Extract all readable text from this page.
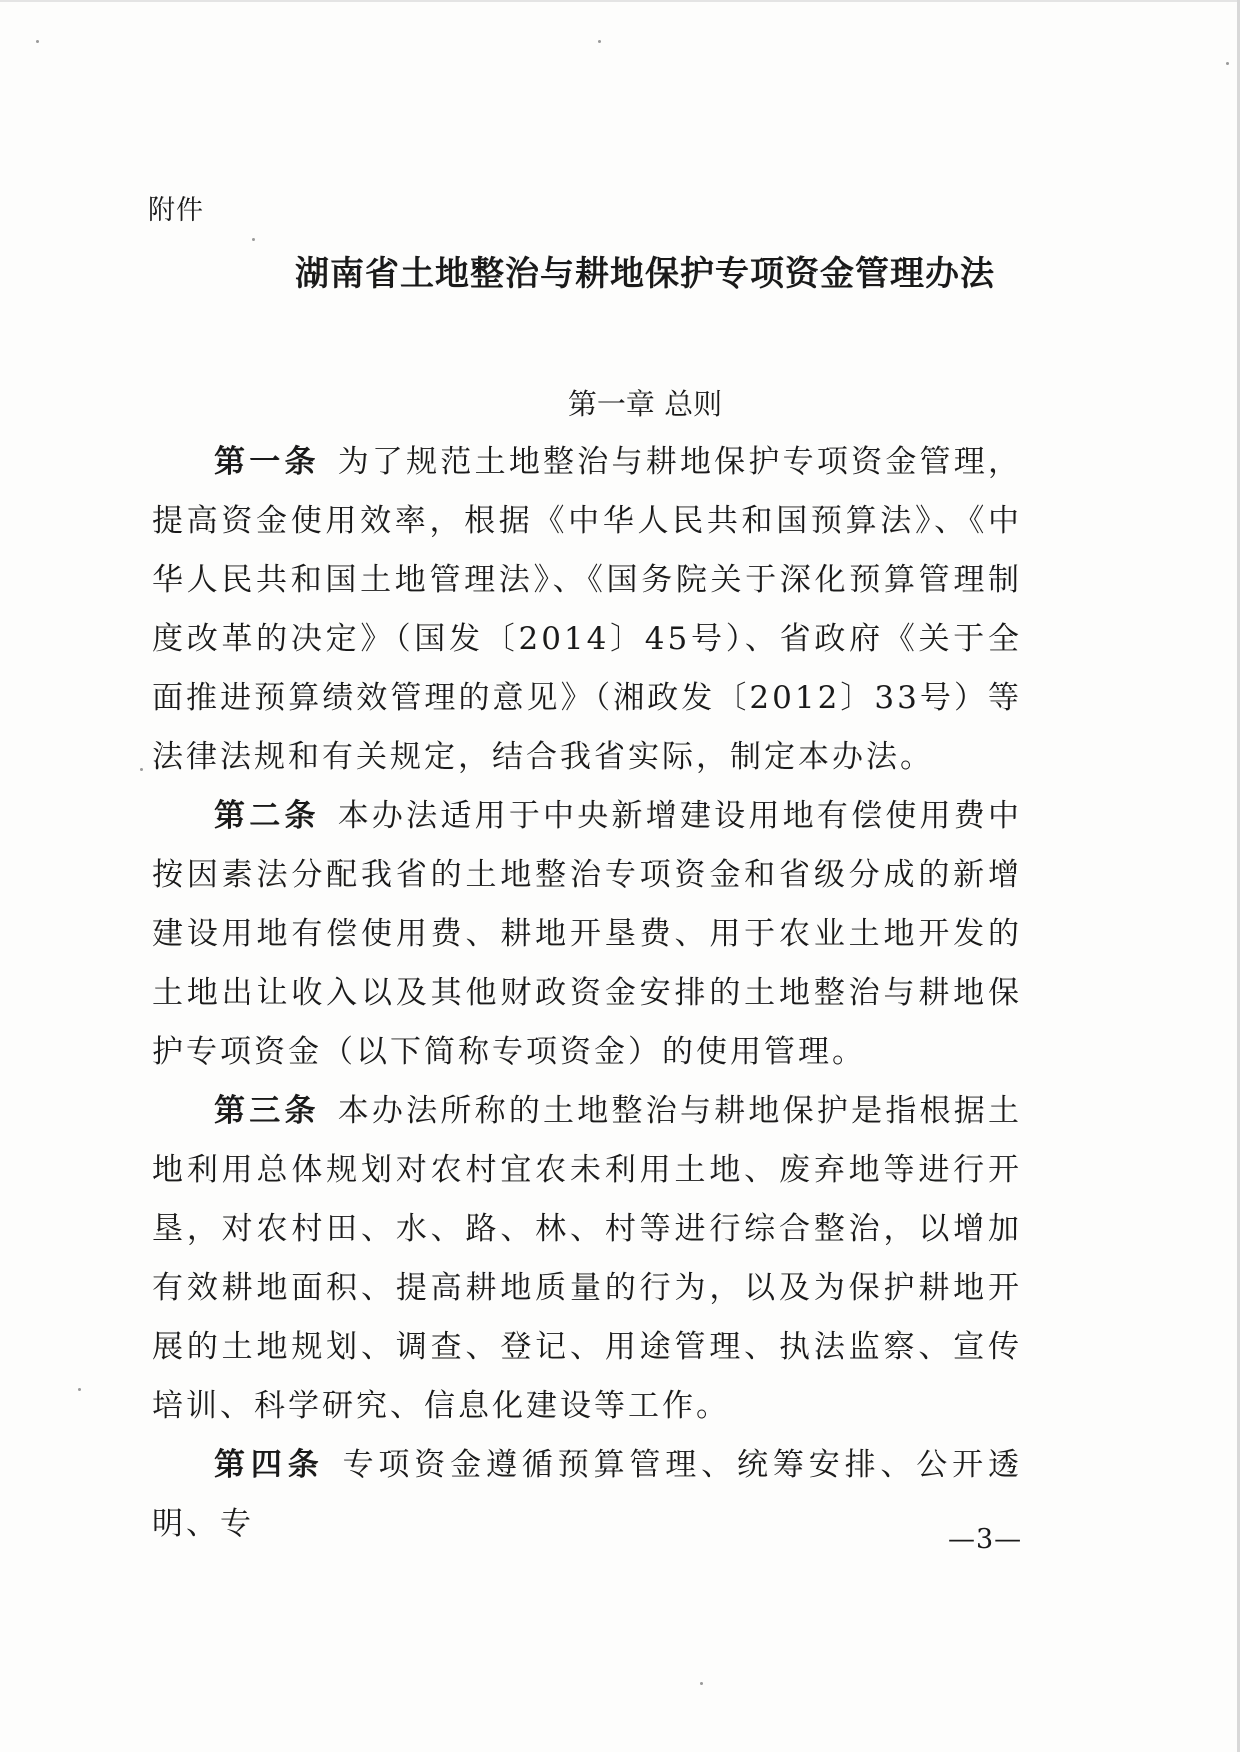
附件
湖南省土地整治与耕地保护专项资金管理办法
第一章 总则

第一条 为了规范土地整治与耕地保护专项资金管理，提高资金使用效率，根据《中华人民共和国预算法》、《中华人民共和国土地管理法》、《国务院关于深化预算管理制度改革的决定》（国发〔2014〕45号）、省政府《关于全面推进预算绩效管理的意见》（湘政发〔2012〕33号）等法律法规和有关规定，结合我省实际，制定本办法。

第二条 本办法适用于中央新增建设用地有偿使用费中按因素法分配我省的土地整治专项资金和省级分成的新增建设用地有偿使用费、耕地开垦费、用于农业土地开发的土地出让收入以及其他财政资金安排的土地整治与耕地保护专项资金（以下简称专项资金）的使用管理。

第三条 本办法所称的土地整治与耕地保护是指根据土地利用总体规划对农村宜农未利用土地、废弃地等进行开垦，对农村田、水、路、林、村等进行综合整治，以增加有效耕地面积、提高耕地质量的行为，以及为保护耕地开展的土地规划、调查、登记、用途管理、执法监察、宣传培训、科学研究、信息化建设等工作。

第四条 专项资金遵循预算管理、统筹安排、公开透明、专	—3—
